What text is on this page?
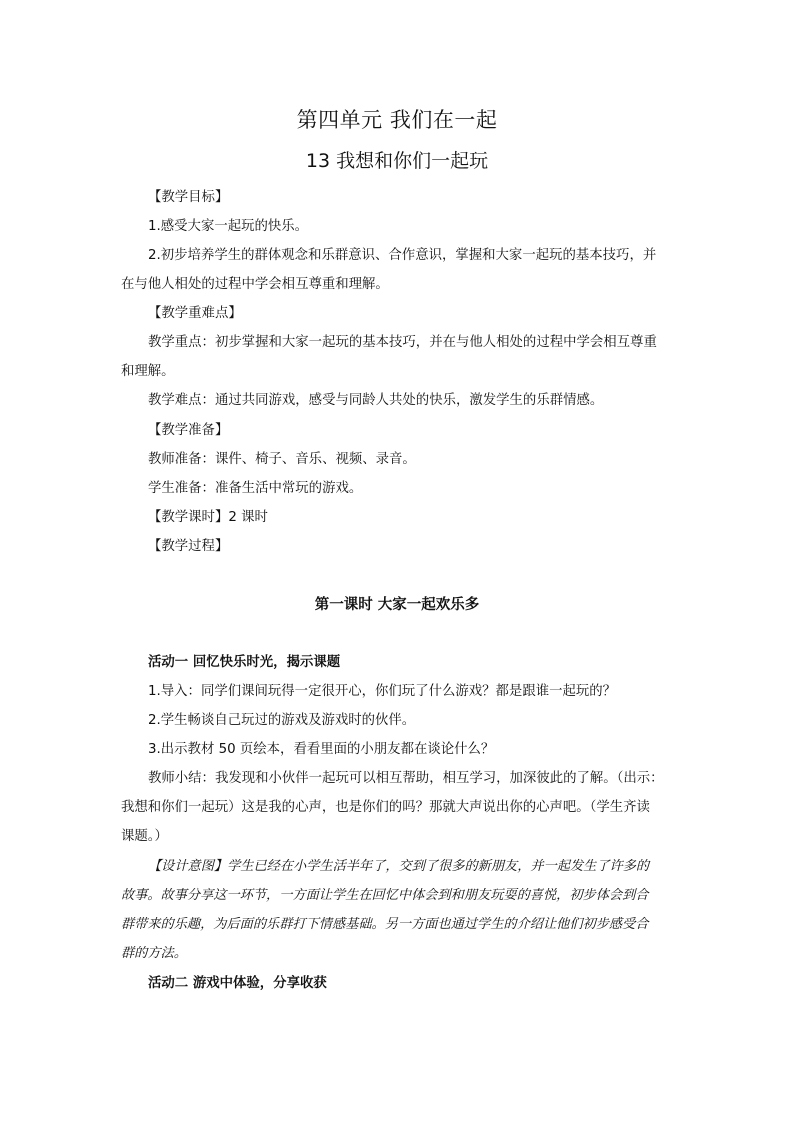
第四单元 我们在一起
13 我想和你们一起玩
【教学目标】
1.感受大家一起玩的快乐。
2.初步培养学生的群体观念和乐群意识、合作意识，掌握和大家一起玩的基本技巧，并
在与他人相处的过程中学会相互尊重和理解。
【教学重难点】
教学重点：初步掌握和大家一起玩的基本技巧，并在与他人相处的过程中学会相互尊重
和理解。
教学难点：通过共同游戏，感受与同龄人共处的快乐，激发学生的乐群情感。
【教学准备】
教师准备：课件、椅子、音乐、视频、录音。
学生准备：准备生活中常玩的游戏。
【教学课时】2 课时
【教学过程】
第一课时 大家一起欢乐多
活动一 回忆快乐时光，揭示课题
1.导入：同学们课间玩得一定很开心，你们玩了什么游戏？都是跟谁一起玩的？
2.学生畅谈自己玩过的游戏及游戏时的伙伴。
3.出示教材 50 页绘本，看看里面的小朋友都在谈论什么？
教师小结：我发现和小伙伴一起玩可以相互帮助，相互学习，加深彼此的了解。（出示：
我想和你们一起玩）这是我的心声，也是你们的吗？那就大声说出你的心声吧。（学生齐读
课题。）
【设计意图】学生已经在小学生活半年了，交到了很多的新朋友，并一起发生了许多的
故事。故事分享这一环节，一方面让学生在回忆中体会到和朋友玩耍的喜悦，初步体会到合
群带来的乐趣，为后面的乐群打下情感基础。另一方面也通过学生的介绍让他们初步感受合
群的方法。
活动二 游戏中体验，分享收获
